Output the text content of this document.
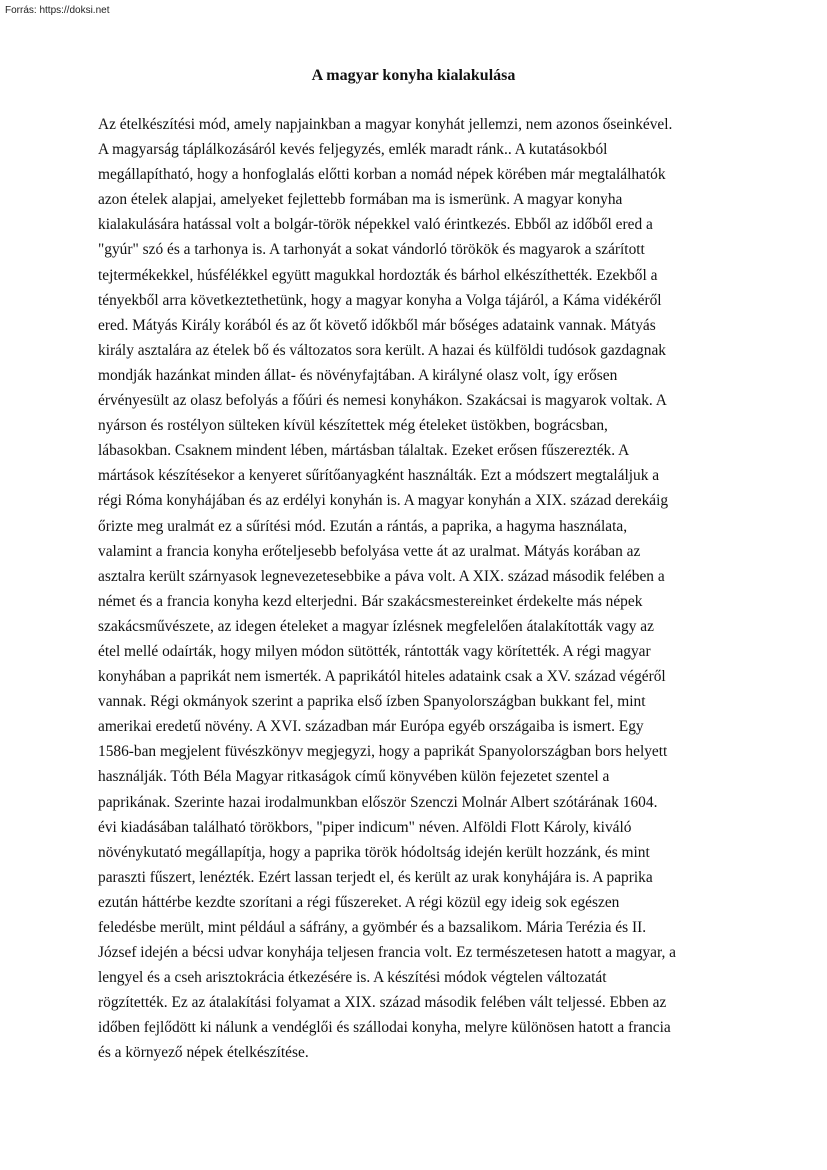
Forrás: https://doksi.net
A magyar konyha kialakulása
Az ételkészítési mód, amely napjainkban a magyar konyhát jellemzi, nem azonos őseinkével.
A magyarság táplálkozásáról kevés feljegyzés, emlék maradt ránk.. A kutatásokból
megállapítható, hogy a honfoglalás előtti korban a nomád népek körében már megtalálhatók
azon ételek alapjai, amelyeket fejlettebb formában ma is ismerünk. A magyar konyha
kialakulására hatással volt a bolgár-török népekkel való érintkezés. Ebből az időből ered a
"gyúr" szó és a tarhonya is. A tarhonyát a sokat vándorló törökök és magyarok a szárított
tejtermékekkel, húsfélékkel együtt magukkal hordozták és bárhol elkészíthették. Ezekből a
tényekből arra következtethetünk, hogy a magyar konyha a Volga tájáról, a Káma vidékéről
ered. Mátyás Király korából és az őt követő időkből már bőséges adataink vannak. Mátyás
király asztalára az ételek bő és változatos sora került. A hazai és külföldi tudósok gazdagnak
mondják hazánkat minden állat- és növényfajtában. A királyné olasz volt, így erősen
érvényesült az olasz befolyás a főúri és nemesi konyhákon. Szakácsai is magyarok voltak. A
nyárson és rostélyon sülteken kívül készítettek még ételeket üstökben, bográcsban,
lábasokban. Csaknem mindent lében, mártásban tálaltak. Ezeket erősen fűszerezték. A
mártások készítésekor a kenyeret sűrítőanyagként használták. Ezt a módszert megtaláljuk a
régi Róma konyhájában és az erdélyi konyhán is. A magyar konyhán a XIX. század derekáig
őrizte meg uralmát ez a sűrítési mód. Ezután a rántás, a paprika, a hagyma használata,
valamint a francia konyha erőteljesebb befolyása vette át az uralmat. Mátyás korában az
asztalra került szárnyasok legnevezetesebbike a páva volt. A XIX. század második felében a
német és a francia konyha kezd elterjedni. Bár szakácsmestereinket érdekelte más népek
szakácsművészete, az idegen ételeket a magyar ízlésnek megfelelően átalakították vagy az
étel mellé odaírták, hogy milyen módon sütötték, rántották vagy körítették. A régi magyar
konyhában a paprikát nem ismerték. A paprikától hiteles adataink csak a XV. század végéről
vannak. Régi okmányok szerint a paprika első ízben Spanyolországban bukkant fel, mint
amerikai eredetű növény. A XVI. században már Európa egyéb országaiba is ismert. Egy
1586-ban megjelent füvészkönyv megjegyzi, hogy a paprikát Spanyolországban bors helyett
használják. Tóth Béla Magyar ritkaságok című könyvében külön fejezetet szentel a
paprikának. Szerinte hazai irodalmunkban először Szenczi Molnár Albert szótárának 1604.
évi kiadásában található törökbors, "piper indicum" néven. Alföldi Flott Károly, kiváló
növénykutató megállapítja, hogy a paprika török hódoltság idején került hozzánk, és mint
paraszti fűszert, lenézték. Ezért lassan terjedt el, és került az urak konyhájára is. A paprika
ezután háttérbe kezdte szorítani a régi fűszereket. A régi közül egy ideig sok egészen
feledésbe merült, mint például a sáfrány, a gyömbér és a bazsalikom. Mária Terézia és II.
József idején a bécsi udvar konyhája teljesen francia volt. Ez természetesen hatott a magyar, a
lengyel és a cseh arisztokrácia étkezésére is. A készítési módok végtelen változatát
rögzítették. Ez az átalakítási folyamat a XIX. század második felében vált teljessé. Ebben az
időben fejlődött ki nálunk a vendéglői és szállodai konyha, melyre különösen hatott a francia
és a környező népek ételkészítése.
